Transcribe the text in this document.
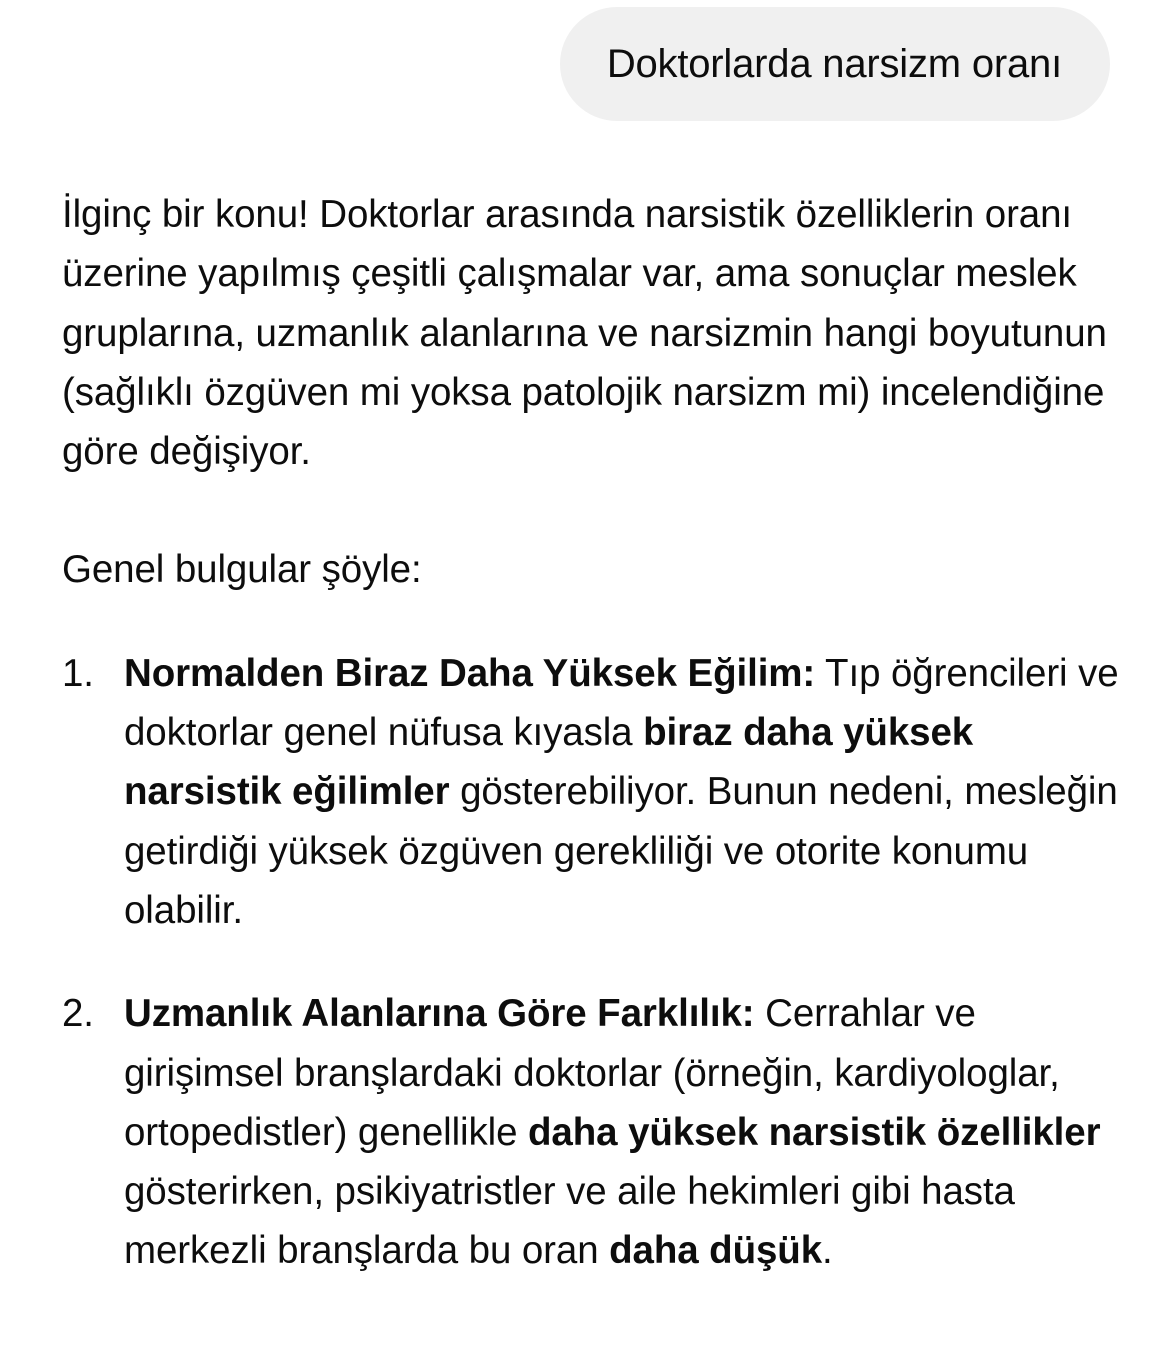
Doktorlarda narsizm oranı

İlginç bir konu! Doktorlar arasında narsistik özelliklerin oranı üzerine yapılmış çeşitli çalışmalar var, ama sonuçlar meslek gruplarına, uzmanlık alanlarına ve narsizmin hangi boyutunun (sağlıklı özgüven mi yoksa patolojik narsizm mi) incelendiğine göre değişiyor.

Genel bulgular şöyle:

1. Normalden Biraz Daha Yüksek Eğilim: Tıp öğrencileri ve doktorlar genel nüfusa kıyasla biraz daha yüksek narsistik eğilimler gösterebiliyor. Bunun nedeni, mesleğin getirdiği yüksek özgüven gerekliliği ve otorite konumu olabilir.
2. Uzmanlık Alanlarına Göre Farklılık: Cerrahlar ve girişimsel branşlardaki doktorlar (örneğin, kardiyologlar, ortopedistler) genellikle daha yüksek narsistik özellikler gösterirken, psikiyatristler ve aile hekimleri gibi hasta merkezli branşlarda bu oran daha düşük.
